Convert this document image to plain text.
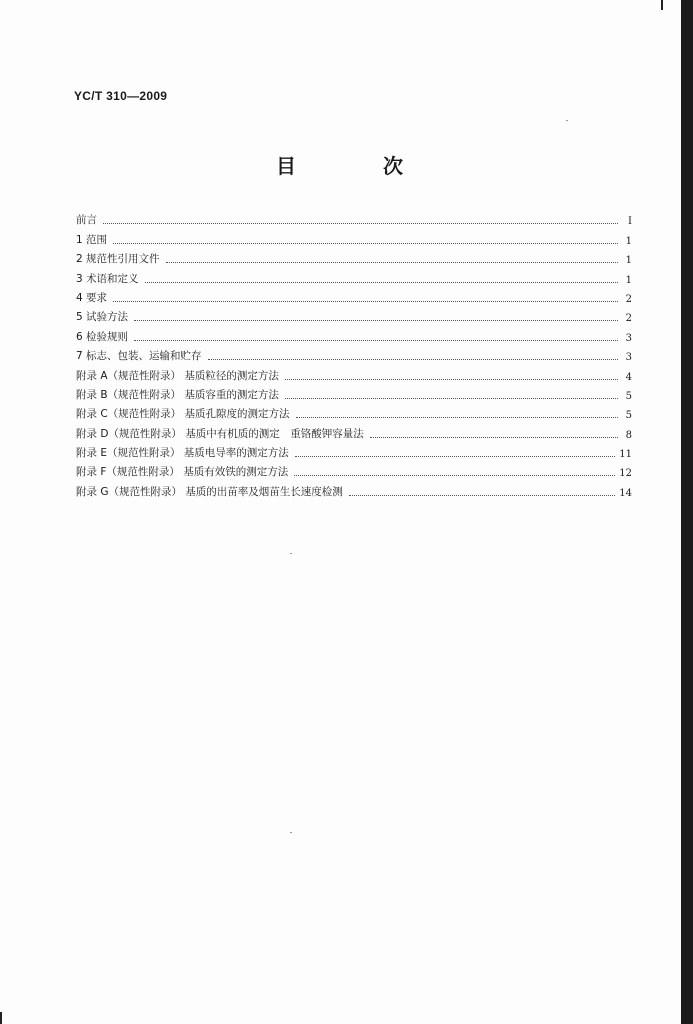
YC/T 310—2009
目 次
前言	I
1 范围	1
2 规范性引用文件	1
3 术语和定义	1
4 要求	2
5 试验方法	2
6 检验规则	3
7 标志、包装、运输和贮存	3
附录 A（规范性附录） 基质粒径的测定方法	4
附录 B（规范性附录） 基质容重的测定方法	5
附录 C（规范性附录） 基质孔隙度的测定方法	5
附录 D（规范性附录） 基质中有机质的测定　重铬酸钾容量法	8
附录 E（规范性附录） 基质电导率的测定方法	11
附录 F（规范性附录） 基质有效铁的测定方法	12
附录 G（规范性附录） 基质的出苗率及烟苗生长速度检测	14
